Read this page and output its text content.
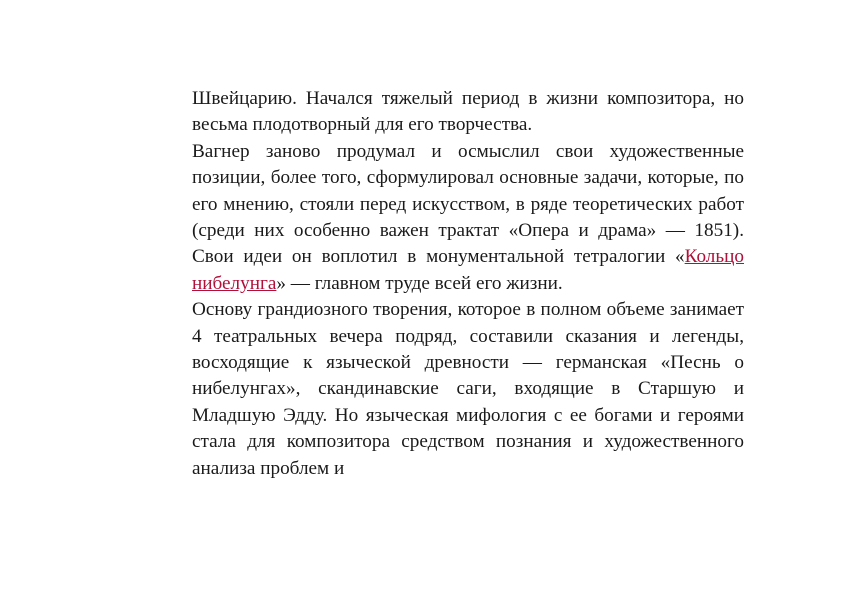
Швейцарию. Начался тяжелый период в жизни композитора, но весьма плодотворный для его творчества.

Вагнер заново продумал и осмыслил свои художественные позиции, более того, сформулировал основные задачи, которые, по его мнению, стояли перед искусством, в ряде теоретических работ (среди них особенно важен трактат «Опера и драма» — 1851). Свои идеи он воплотил в монументальной тетралогии «Кольцо нибелунга» — главном труде всей его жизни.

Основу грандиозного творения, которое в полном объеме занимает 4 театральных вечера подряд, составили сказания и легенды, восходящие к языческой древности — германская «Песнь о нибелунгах», скандинавские саги, входящие в Старшую и Младшую Эдду. Но языческая мифология с ее богами и героями стала для композитора средством познания и художественного анализа проблем и
